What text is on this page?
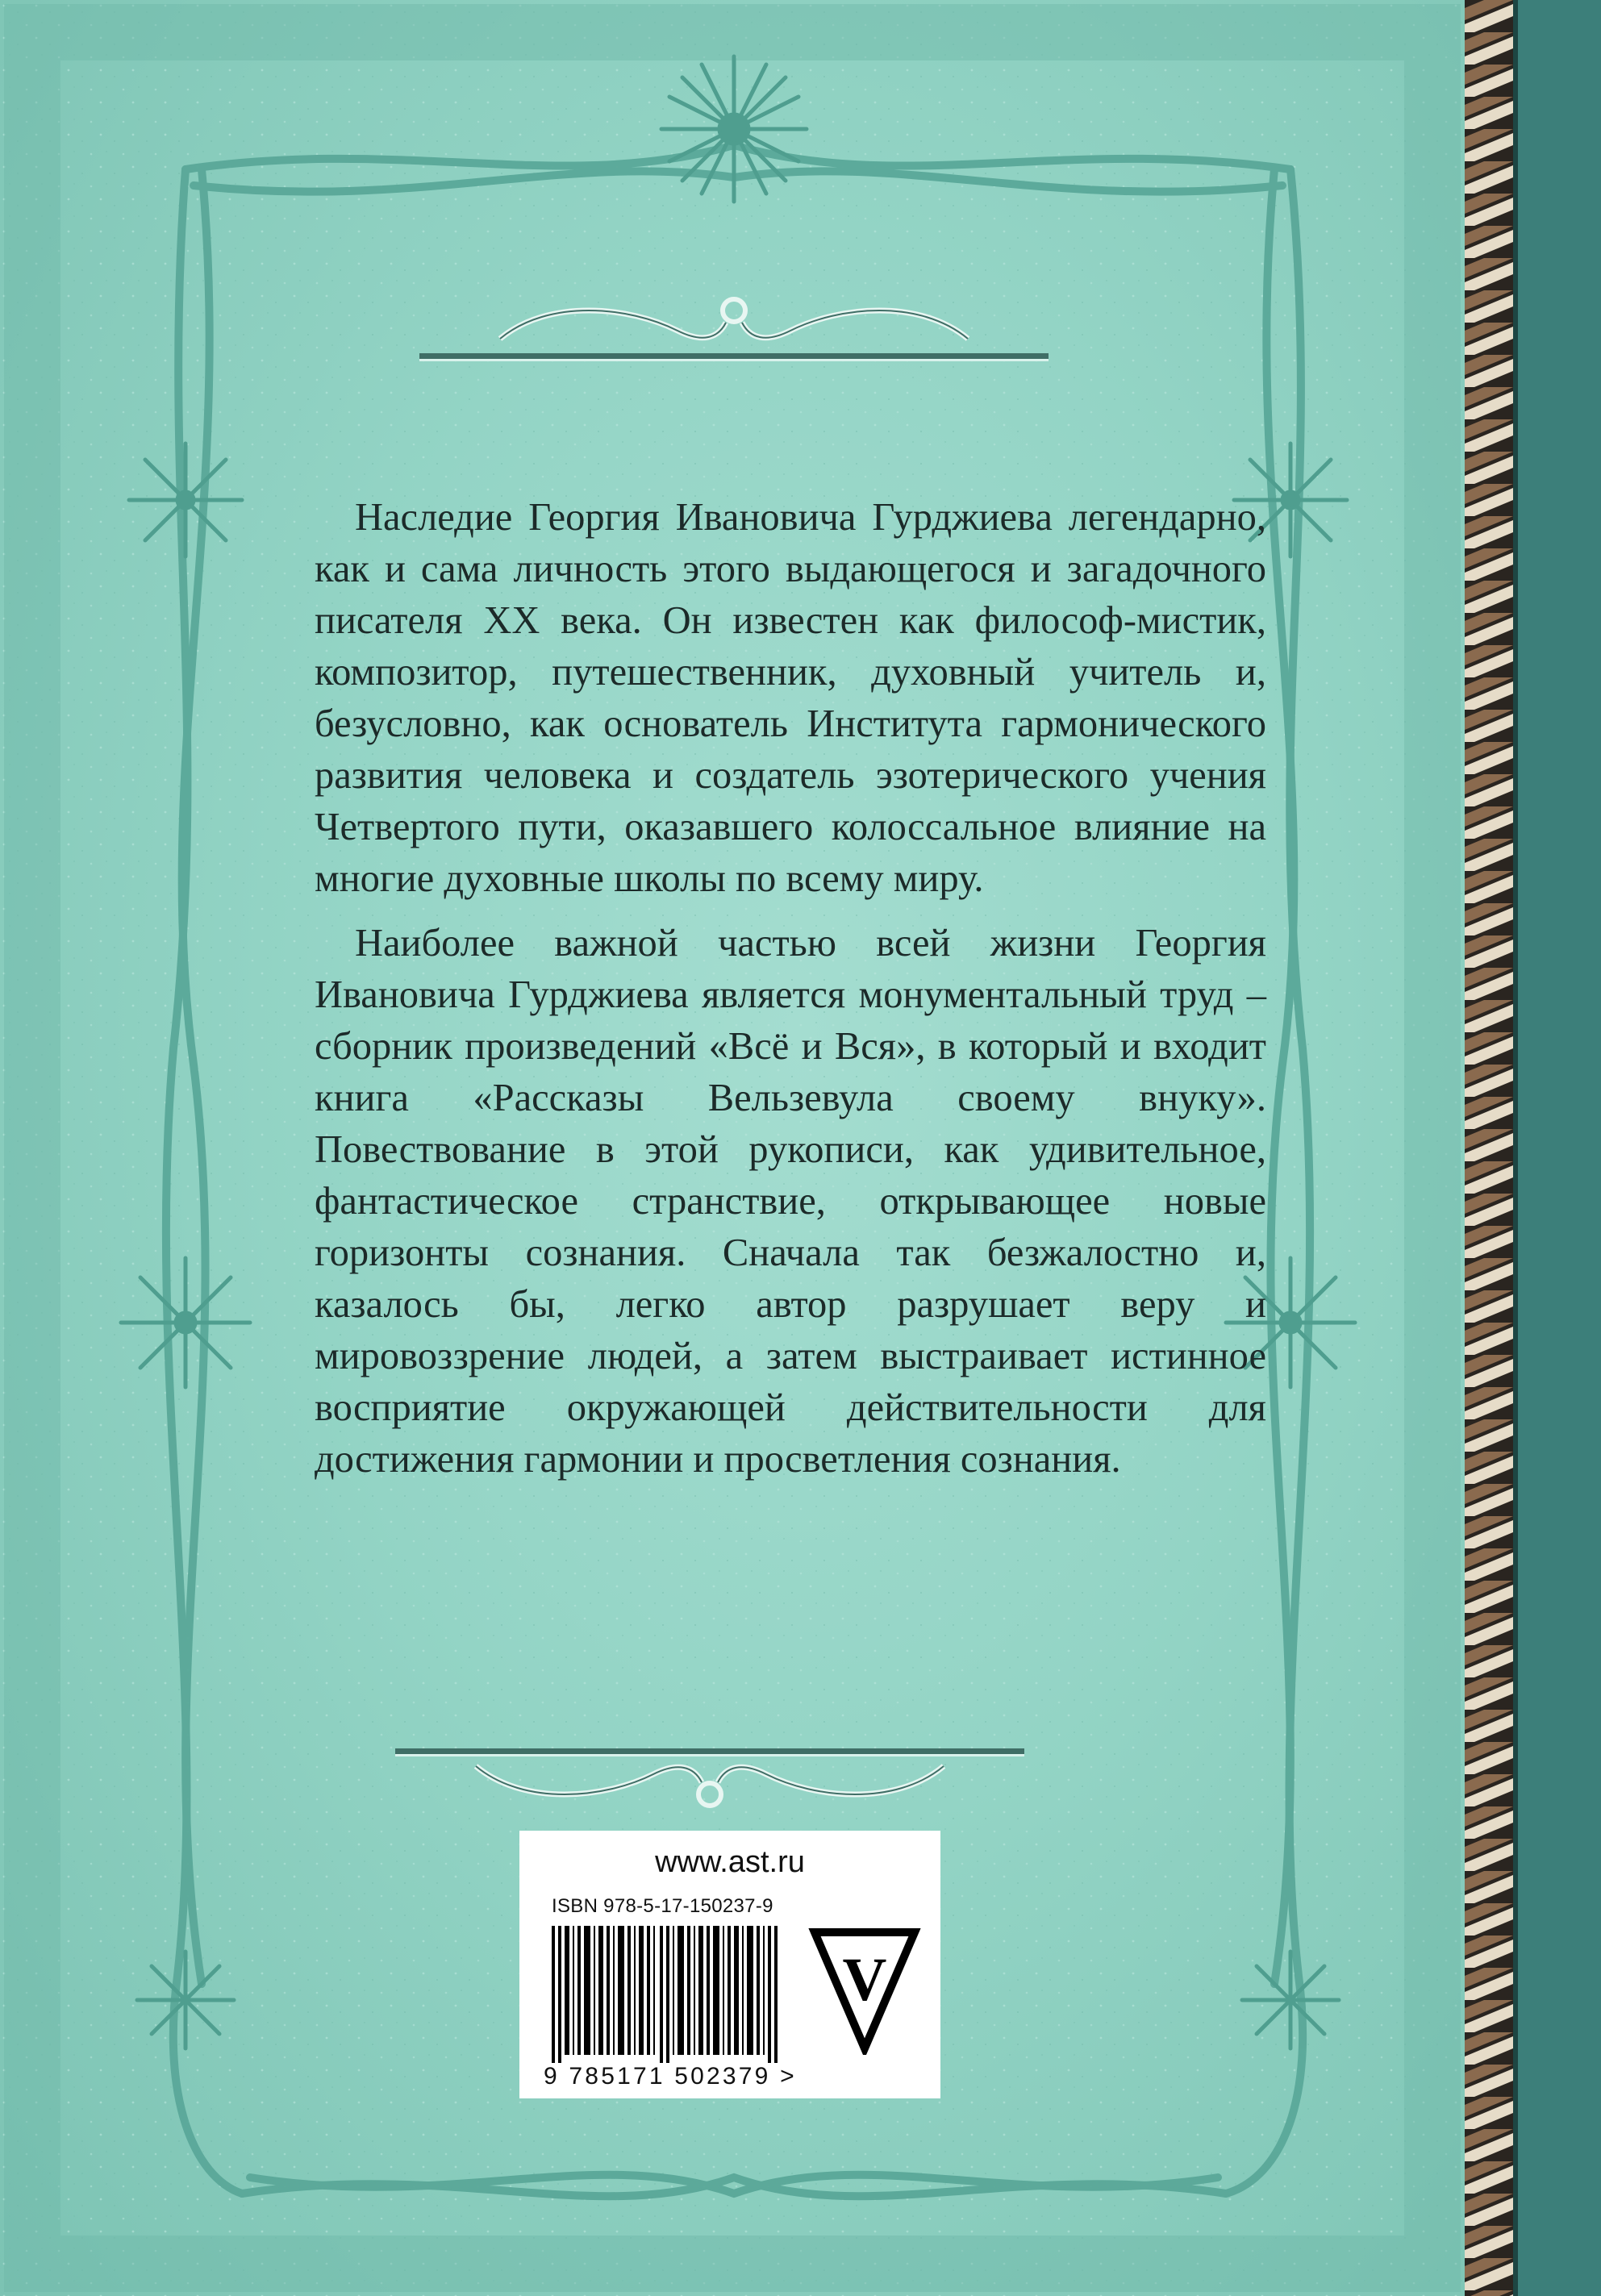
Наследие Георгия Ивановича Гурджиева легендарно, как и сама личность этого выдающегося и загадочного писателя XX века. Он известен как философ-мистик, композитор, путешественник, духовный учитель и, безусловно, как основатель Института гармонического развития человека и создатель эзотерического учения Четвертого пути, оказавшего колоссальное влияние на многие духовные школы по всему миру.

Наиболее важной частью всей жизни Георгия Ивановича Гурджиева является монументальный труд – сборник произведений «Всё и Вся», в который и входит книга «Рассказы Вельзевула своему внуку». Повествование в этой рукописи, как удивительное, фантастическое странствие, открывающее новые горизонты сознания. Сначала так безжалостно и, казалось бы, легко автор разрушает веру и мировоззрение людей, а затем выстраивает истинное восприятие окружающей действительности для достижения гармонии и просветления сознания.

www.ast.ru
ISBN 978-5-17-150237-9
V
9 785171 502379 >
